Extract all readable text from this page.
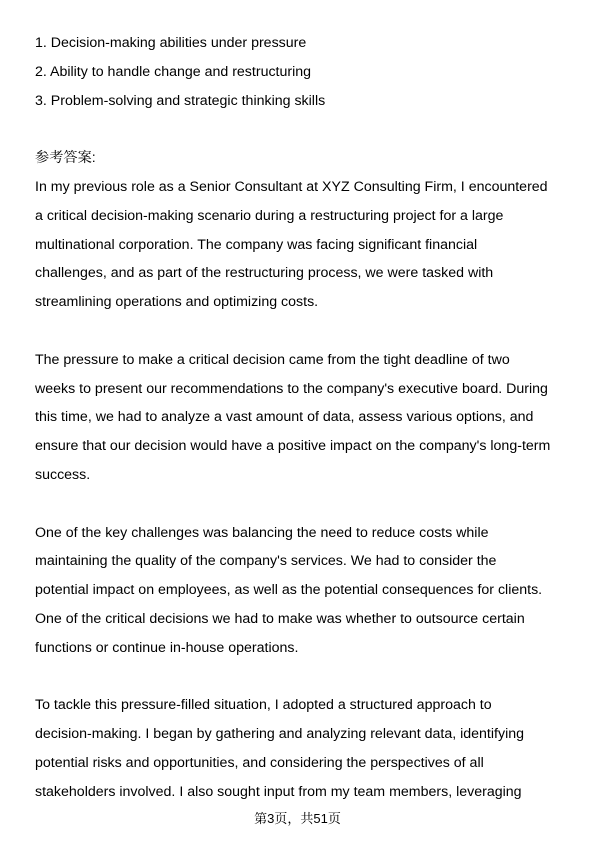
1. Decision-making abilities under pressure

2. Ability to handle change and restructuring

3. Problem-solving and strategic thinking skills

参考答案:

In my previous role as a Senior Consultant at XYZ Consulting Firm, I encountered

a critical decision-making scenario during a restructuring project for a large

multinational corporation. The company was facing significant financial

challenges, and as part of the restructuring process, we were tasked with

streamlining operations and optimizing costs.

The pressure to make a critical decision came from the tight deadline of two

weeks to present our recommendations to the company's executive board. During

this time, we had to analyze a vast amount of data, assess various options, and

ensure that our decision would have a positive impact on the company's long-term

success.

One of the key challenges was balancing the need to reduce costs while

maintaining the quality of the company's services. We had to consider the

potential impact on employees, as well as the potential consequences for clients.

One of the critical decisions we had to make was whether to outsource certain

functions or continue in-house operations.

To tackle this pressure-filled situation, I adopted a structured approach to

decision-making. I began by gathering and analyzing relevant data, identifying

potential risks and opportunities, and considering the perspectives of all

stakeholders involved. I also sought input from my team members, leveraging

第3页，共51页
